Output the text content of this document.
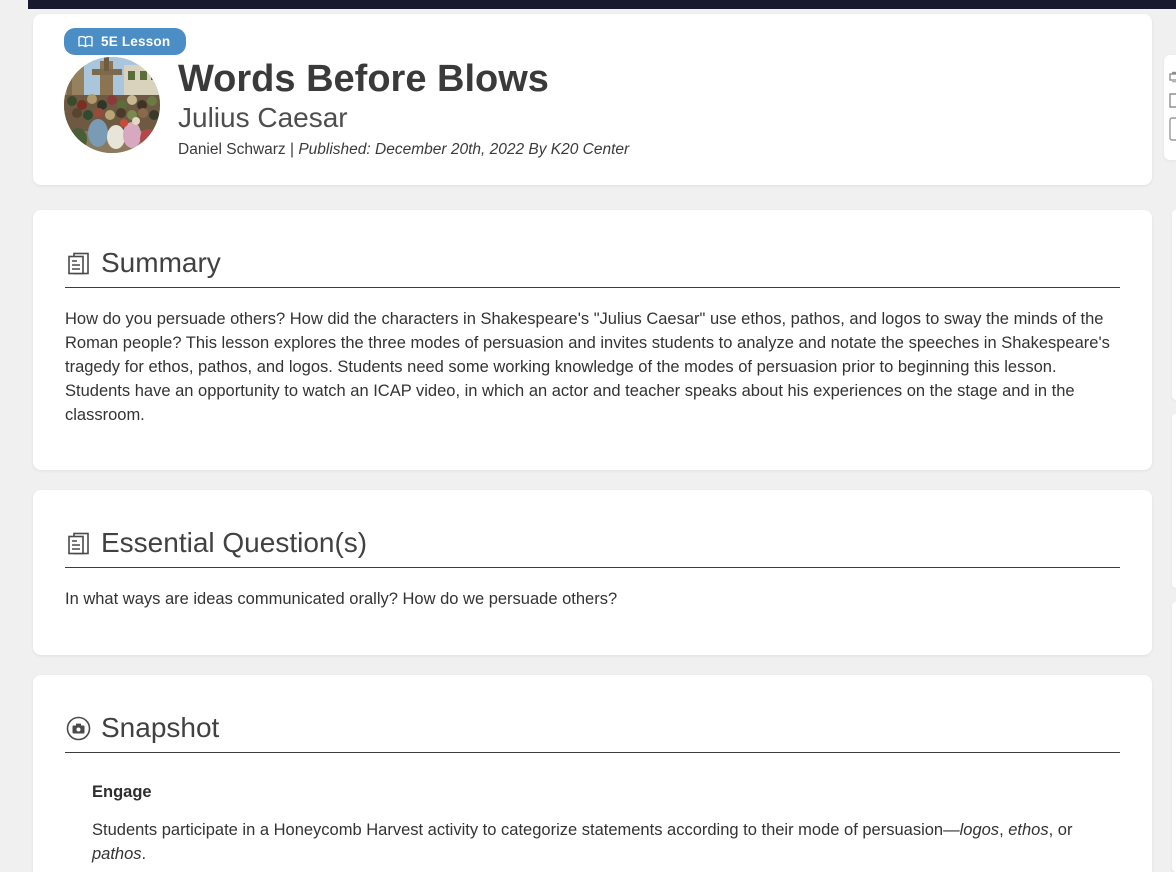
5E Lesson
Words Before Blows
Julius Caesar
Daniel Schwarz | Published: December 20th, 2022 By K20 Center
Summary
How do you persuade others? How did the characters in Shakespeare's "Julius Caesar" use ethos, pathos, and logos to sway the minds of the Roman people? This lesson explores the three modes of persuasion and invites students to analyze and notate the speeches in Shakespeare's tragedy for ethos, pathos, and logos. Students need some working knowledge of the modes of persuasion prior to beginning this lesson. Students have an opportunity to watch an ICAP video, in which an actor and teacher speaks about his experiences on the stage and in the classroom.
Essential Question(s)
In what ways are ideas communicated orally? How do we persuade others?
Snapshot
Engage
Students participate in a Honeycomb Harvest activity to categorize statements according to their mode of persuasion—logos, ethos, or pathos.
